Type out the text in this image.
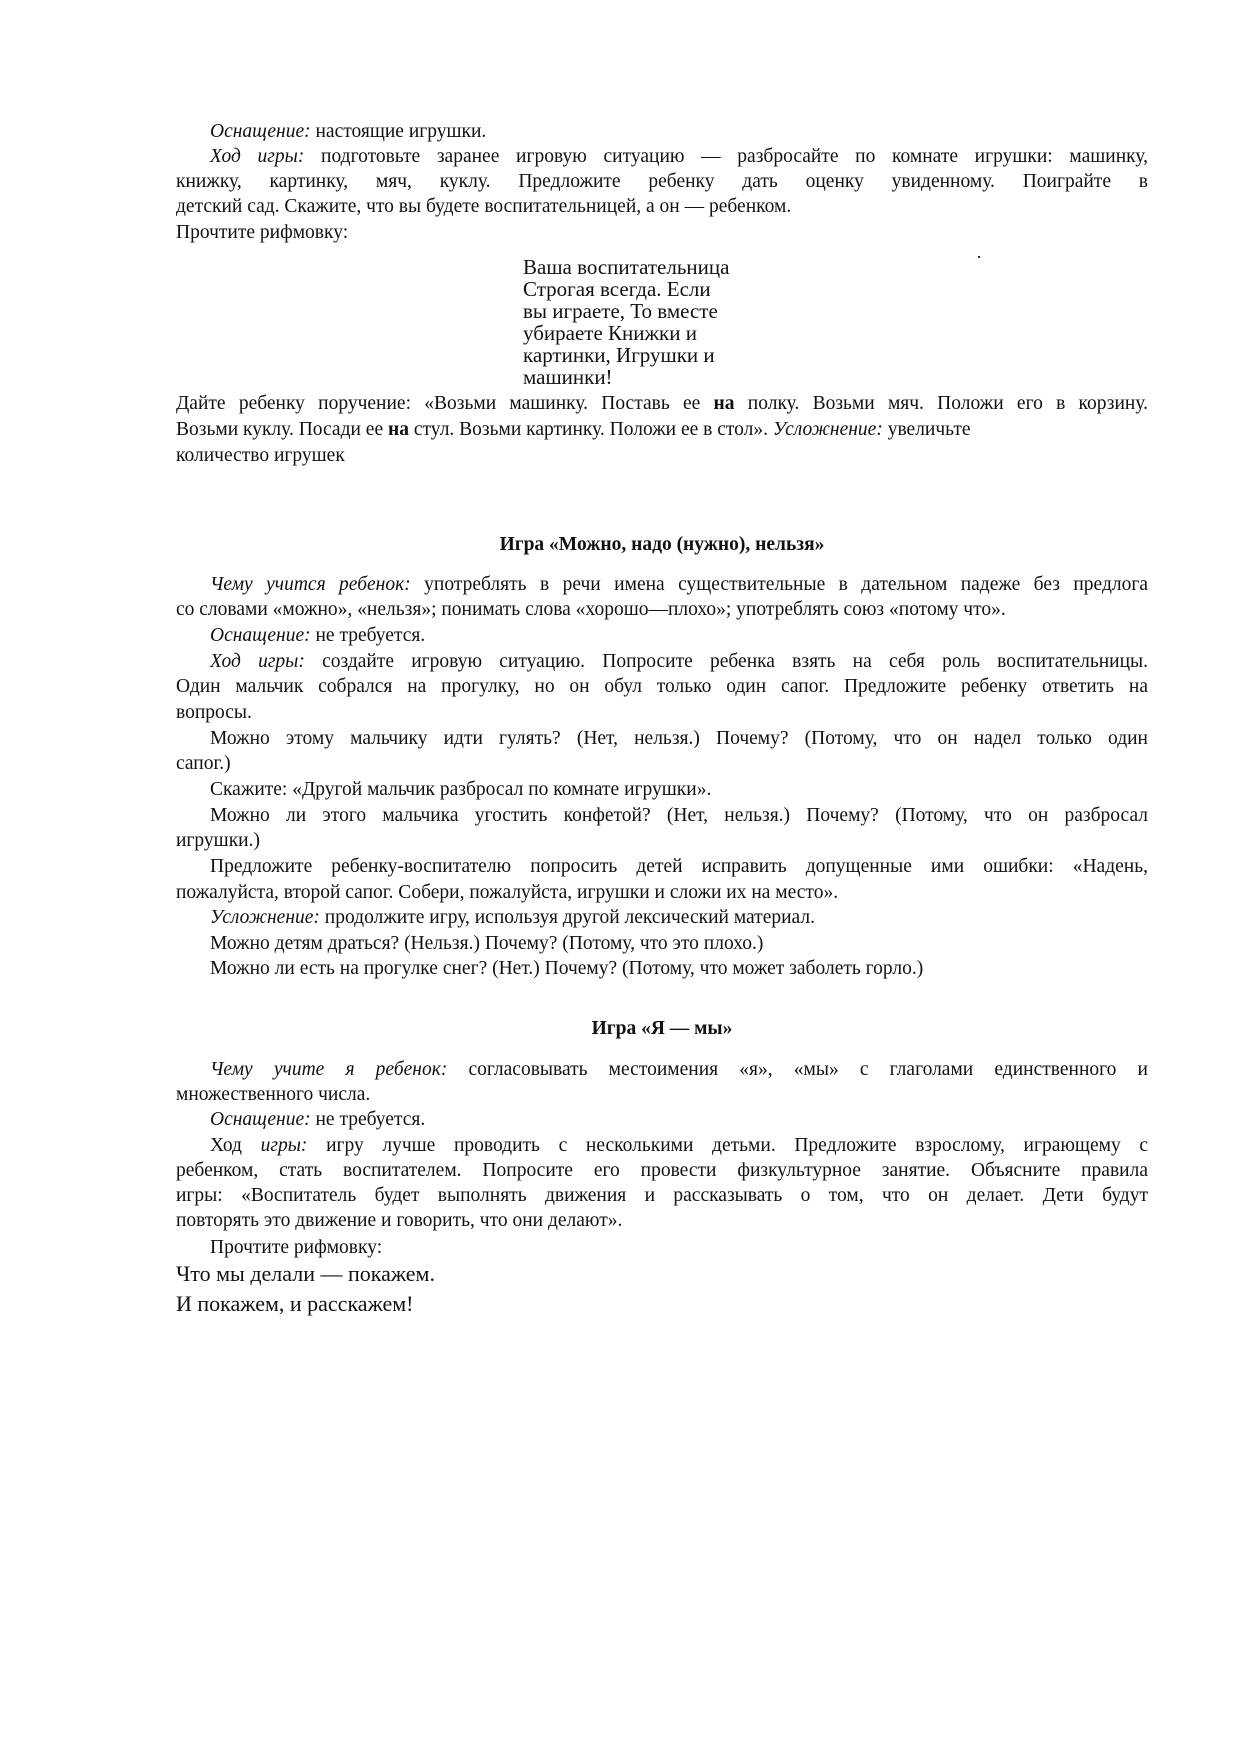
Ваша воспитательница
Строгая всегда. Если
вы играете, То вместе
убираете Книжки и
картинки, Игрушки и
машинки!
Игра «Можно, надо (нужно), нельзя»
Игра «Я — мы»
Что мы делали — покажем.
И покажем, и расскажем!
Оснащение: настоящие игрушки.
Ход игры: подготовьте заранее игровую ситуацию — разбросайте по комнате игрушки: машинку,
книжку, картинку, мяч, куклу. Предложите ребенку дать оценку увиденному. Поиграйте в
детский сад. Скажите, что вы будете воспитательницей, а он — ребенком.
Прочтите рифмовку:
Дайте ребенку поручение: «Возьми машинку. Поставь ее на полку. Возьми мяч. Положи его в корзину.
Возьми куклу. Посади ее на стул. Возьми картинку. Положи ее в стол». Усложнение: увеличьте
количество игрушек
Чему учится ребенок: употреблять в речи имена существительные в дательном падеже без предлога
со словами «можно», «нельзя»; понимать слова «хорошо—плохо»; употреблять союз «потому что».
Оснащение: не требуется.
Ход игры: создайте игровую ситуацию. Попросите ребенка взять на себя роль воспитательницы.
Один мальчик собрался на прогулку, но он обул только один сапог. Предложите ребенку ответить на
вопросы.
Можно этому мальчику идти гулять? (Нет, нельзя.) Почему? (Потому, что он надел только один
сапог.)
Скажите: «Другой мальчик разбросал по комнате игрушки».
Можно ли этого мальчика угостить конфетой? (Нет, нельзя.) Почему? (Потому, что он разбросал
игрушки.)
Предложите ребенку-воспитателю попросить детей исправить допущенные ими ошибки: «Надень,
пожалуйста, второй сапог. Собери, пожалуйста, игрушки и сложи их на место».
Усложнение: продолжите игру, используя другой лексический материал.
Можно детям драться? (Нельзя.) Почему? (Потому, что это плохо.)
Можно ли есть на прогулке снег? (Нет.) Почему? (Потому, что может заболеть горло.)
Чему учите я ребенок: согласовывать местоимения «я», «мы» с глаголами единственного и
множественного числа.
Оснащение: не требуется.
Ход игры: игру лучше проводить с несколькими детьми. Предложите взрослому, играющему с
ребенком, стать воспитателем. Попросите его провести физкультурное занятие. Объясните правила
игры: «Воспитатель будет выполнять движения и рассказывать о том, что он делает. Дети будут
повторять это движение и говорить, что они делают».
Прочтите рифмовку:
